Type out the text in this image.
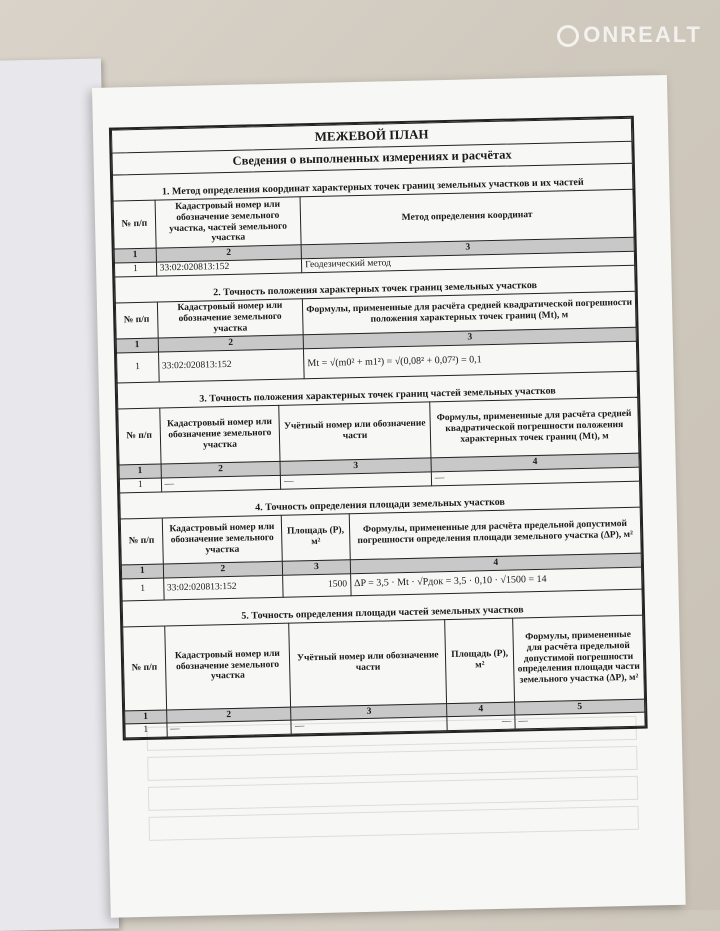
ONREALT
МЕЖЕВОЙ ПЛАН
Сведения о выполненных измерениях и расчётах
1. Метод определения координат характерных точек границ земельных участков и их частей
№ п/п	Кадастровый номер или обозначение земельного участка, частей земельного участка	Метод определения координат
1	2	3
1	33:02:020813:152	Геодезический метод
2. Точность положения характерных точек границ земельных участков
№ п/п	Кадастровый номер или обозначение земельного участка	Формулы, примененные для расчёта средней квадратической погрешности положения характерных точек границ (Mt), м
1	2	3
1	33:02:020813:152	Mt = √(m0² + m1²) = √(0,08² + 0,07²) = 0,1
3. Точность положения характерных точек границ частей земельных участков
№ п/п	Кадастровый номер или обозначение земельного участка	Учётный номер или обозначение части	Формулы, примененные для расчёта средней квадратической погрешности положения характерных точек границ (Mt), м
1	2	3	4
1	—	—	—
4. Точность определения площади земельных участков
№ п/п	Кадастровый номер или обозначение земельного участка	Площадь (P), м²	Формулы, примененные для расчёта предельной допустимой погрешности определения площади земельного участка (ΔP), м²
1	2	3	4
1	33:02:020813:152	1500	ΔP = 3,5 · Mt · √Pдок = 3,5 · 0,10 · √1500 = 14
5. Точность определения площади частей земельных участков
№ п/п	Кадастровый номер или обозначение земельного участка	Учётный номер или обозначение части	Площадь (P), м²	Формулы, примененные для расчёта предельной допустимой погрешности определения площади части земельного участка (ΔP), м²
1	2	3	4	5
1	—	—	—	—
